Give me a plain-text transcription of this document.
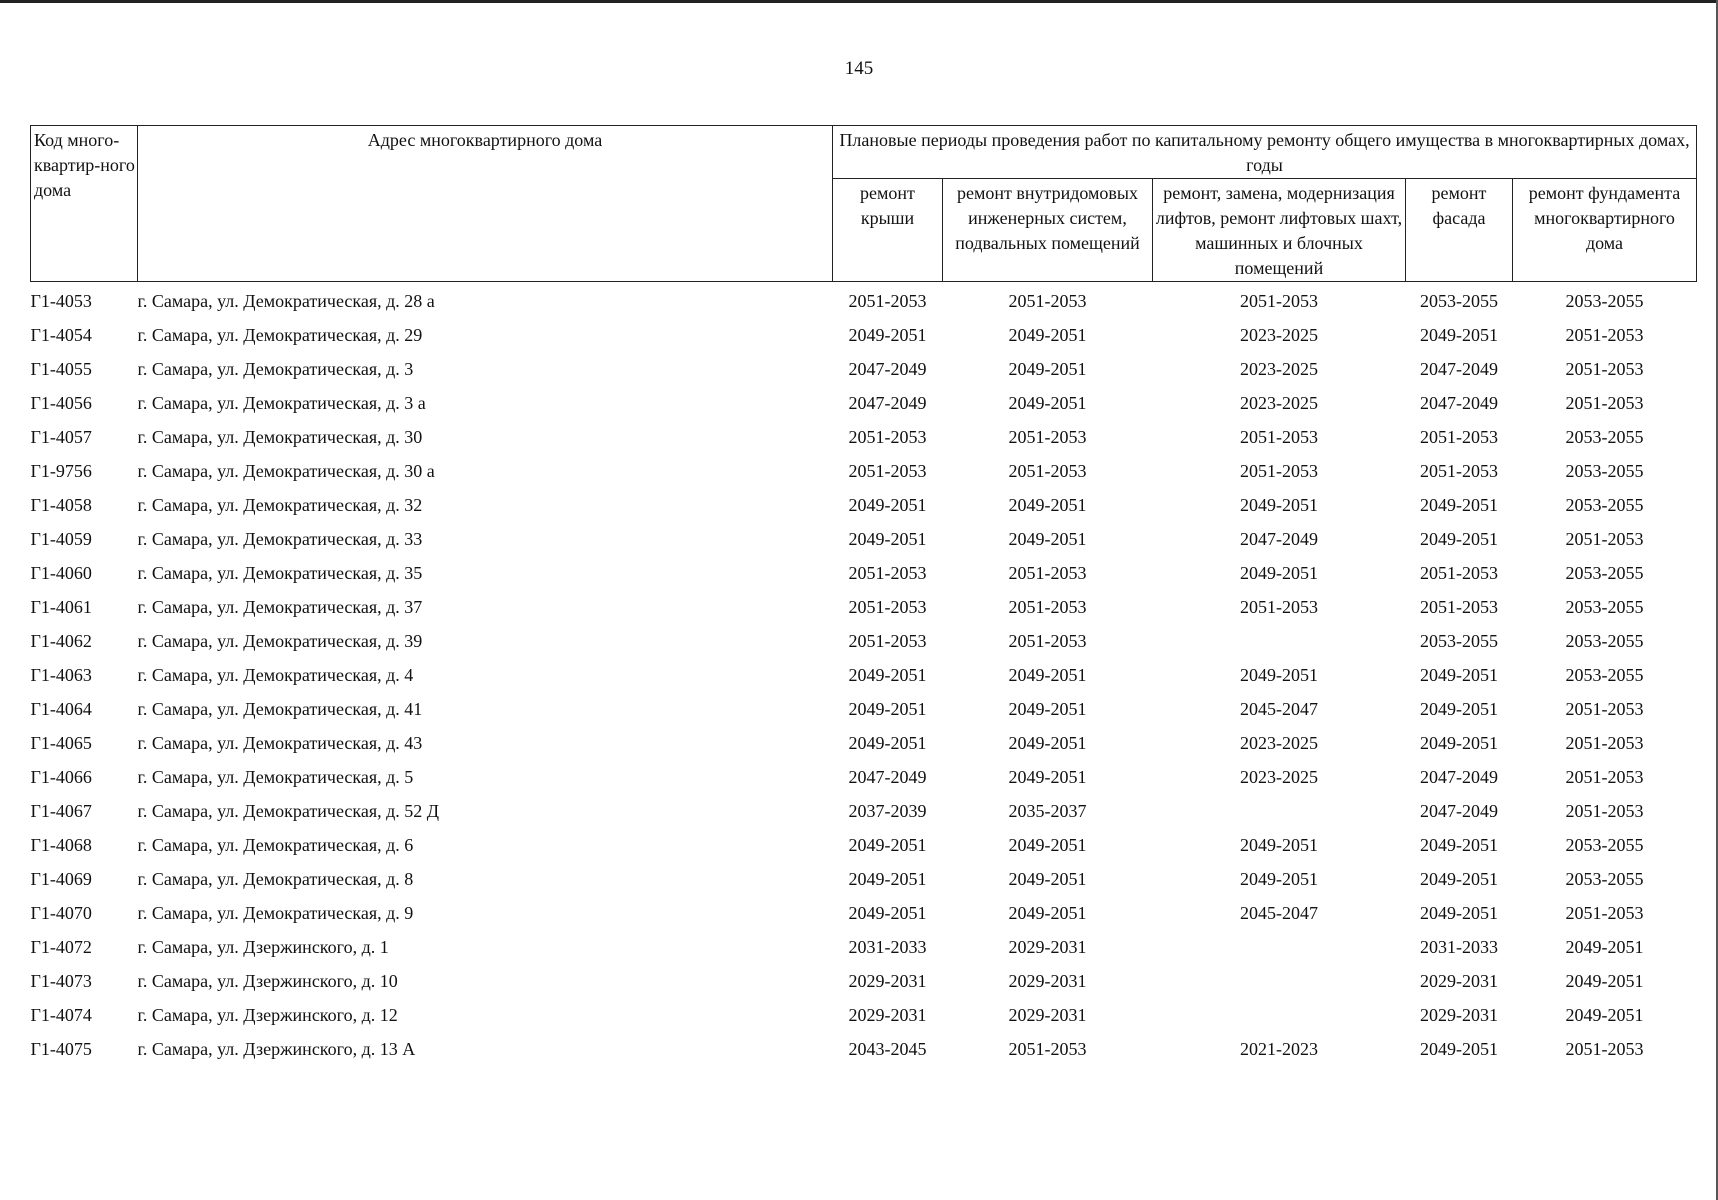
145
Код много-квартир-ного дома	Адрес многоквартирного дома	Плановые периоды проведения работ по капитальному ремонту общего имущества в многоквартирных домах, годы				
		ремонт крыши	ремонт внутридомовых инженерных систем, подвальных помещений	ремонт, замена, модернизация лифтов, ремонт лифтовых шахт, машинных и блочных помещений	ремонт фасада	ремонт фундамента многоквартирного дома
Г1-4053	г. Самара, ул. Демократическая, д. 28 а	2051-2053	2051-2053	2051-2053	2053-2055	2053-2055
Г1-4054	г. Самара, ул. Демократическая, д. 29	2049-2051	2049-2051	2023-2025	2049-2051	2051-2053
Г1-4055	г. Самара, ул. Демократическая, д. 3	2047-2049	2049-2051	2023-2025	2047-2049	2051-2053
Г1-4056	г. Самара, ул. Демократическая, д. 3 а	2047-2049	2049-2051	2023-2025	2047-2049	2051-2053
Г1-4057	г. Самара, ул. Демократическая, д. 30	2051-2053	2051-2053	2051-2053	2051-2053	2053-2055
Г1-9756	г. Самара, ул. Демократическая, д. 30 а	2051-2053	2051-2053	2051-2053	2051-2053	2053-2055
Г1-4058	г. Самара, ул. Демократическая, д. 32	2049-2051	2049-2051	2049-2051	2049-2051	2053-2055
Г1-4059	г. Самара, ул. Демократическая, д. 33	2049-2051	2049-2051	2047-2049	2049-2051	2051-2053
Г1-4060	г. Самара, ул. Демократическая, д. 35	2051-2053	2051-2053	2049-2051	2051-2053	2053-2055
Г1-4061	г. Самара, ул. Демократическая, д. 37	2051-2053	2051-2053	2051-2053	2051-2053	2053-2055
Г1-4062	г. Самара, ул. Демократическая, д. 39	2051-2053	2051-2053		2053-2055	2053-2055
Г1-4063	г. Самара, ул. Демократическая, д. 4	2049-2051	2049-2051	2049-2051	2049-2051	2053-2055
Г1-4064	г. Самара, ул. Демократическая, д. 41	2049-2051	2049-2051	2045-2047	2049-2051	2051-2053
Г1-4065	г. Самара, ул. Демократическая, д. 43	2049-2051	2049-2051	2023-2025	2049-2051	2051-2053
Г1-4066	г. Самара, ул. Демократическая, д. 5	2047-2049	2049-2051	2023-2025	2047-2049	2051-2053
Г1-4067	г. Самара, ул. Демократическая, д. 52 Д	2037-2039	2035-2037		2047-2049	2051-2053
Г1-4068	г. Самара, ул. Демократическая, д. 6	2049-2051	2049-2051	2049-2051	2049-2051	2053-2055
Г1-4069	г. Самара, ул. Демократическая, д. 8	2049-2051	2049-2051	2049-2051	2049-2051	2053-2055
Г1-4070	г. Самара, ул. Демократическая, д. 9	2049-2051	2049-2051	2045-2047	2049-2051	2051-2053
Г1-4072	г. Самара, ул. Дзержинского, д. 1	2031-2033	2029-2031		2031-2033	2049-2051
Г1-4073	г. Самара, ул. Дзержинского, д. 10	2029-2031	2029-2031		2029-2031	2049-2051
Г1-4074	г. Самара, ул. Дзержинского, д. 12	2029-2031	2029-2031		2029-2031	2049-2051
Г1-4075	г. Самара, ул. Дзержинского, д. 13 А	2043-2045	2051-2053	2021-2023	2049-2051	2051-2053
